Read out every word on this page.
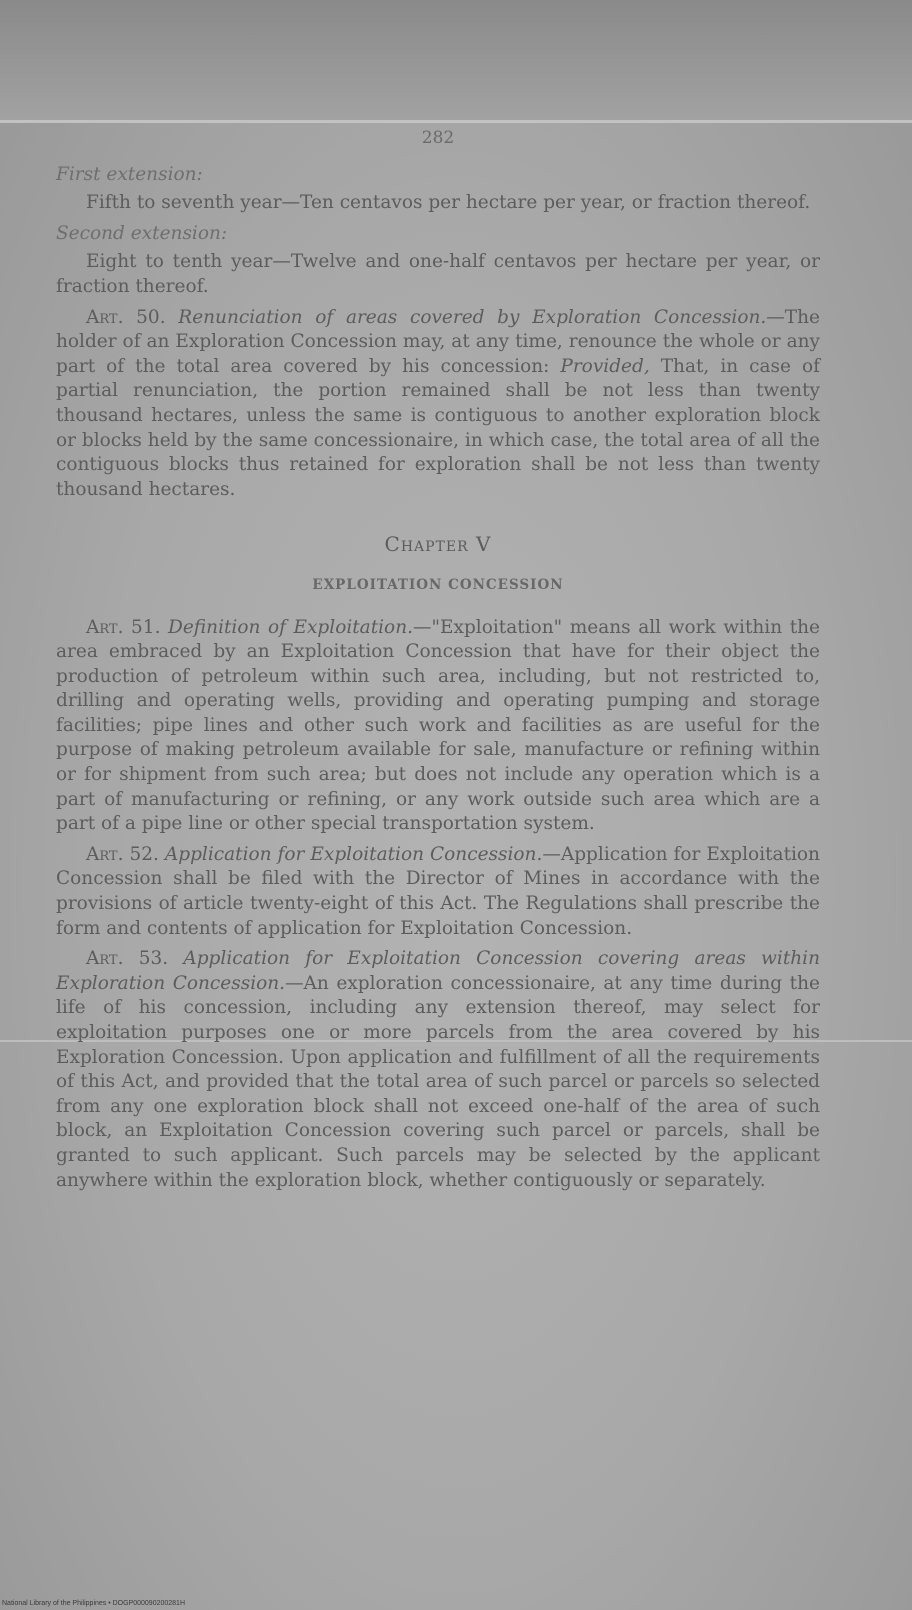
282
First extension:

Fifth to seventh year—Ten centavos per hectare per year, or fraction thereof.

Second extension:

Eight to tenth year—Twelve and one-half centavos per hectare per year, or fraction thereof.

Art. 50. Renunciation of areas covered by Exploration Concession.—The holder of an Exploration Concession may, at any time, renounce the whole or any part of the total area covered by his concession: Provided, That, in case of partial renunciation, the portion remained shall be not less than twenty thousand hectares, unless the same is contiguous to another exploration block or blocks held by the same concessionaire, in which case, the total area of all the contiguous blocks thus retained for exploration shall be not less than twenty thousand hectares.

Chapter V
EXPLOITATION CONCESSION

Art. 51. Definition of Exploitation.—"Exploitation" means all work within the area embraced by an Exploitation Concession that have for their object the production of petroleum within such area, including, but not restricted to, drilling and operating wells, providing and operating pumping and storage facilities; pipe lines and other such work and facilities as are useful for the purpose of making petroleum available for sale, manufacture or refining within or for shipment from such area; but does not include any operation which is a part of manufacturing or refining, or any work outside such area which are a part of a pipe line or other special transportation system.

Art. 52. Application for Exploitation Concession.—Application for Exploitation Concession shall be filed with the Director of Mines in accordance with the provisions of article twenty-eight of this Act. The Regulations shall prescribe the form and contents of application for Exploitation Concession.

Art. 53. Application for Exploitation Concession covering areas within Exploration Concession.—An exploration concessionaire, at any time during the life of his concession, including any extension thereof, may select for exploitation purposes one or more parcels from the area covered by his Exploration Concession. Upon application and fulfillment of all the requirements of this Act, and provided that the total area of such parcel or parcels so selected from any one exploration block shall not exceed one-half of the area of such block, an Exploitation Concession covering such parcel or parcels, shall be granted to such applicant. Such parcels may be selected by the applicant anywhere within the exploration block, whether contiguously or separately.

National Library of the Philippines • DOGP000090200281H
